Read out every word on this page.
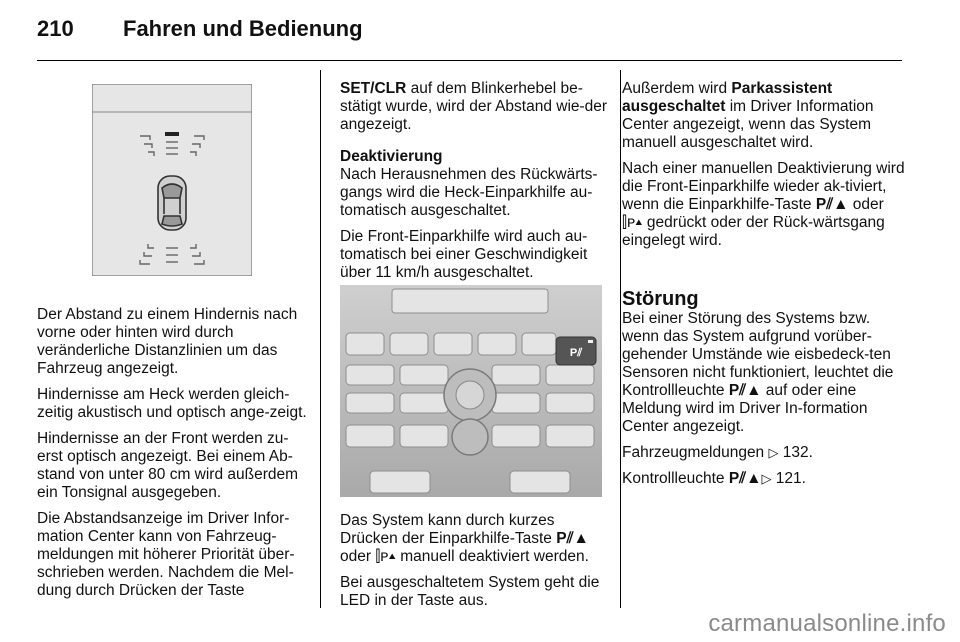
210 Fahren und Bedienung

Der Abstand zu einem Hindernis nach vorne oder hinten wird durch veränderliche Distanzlinien um das Fahrzeug angezeigt.

Hindernisse am Heck werden gleich-zeitig akustisch und optisch ange-zeigt.

Hindernisse an der Front werden zu-erst optisch angezeigt. Bei einem Ab-stand von unter 80 cm wird außerdem ein Tonsignal ausgegeben.

Die Abstandsanzeige im Driver Infor-mation Center kann von Fahrzeug-meldungen mit höherer Priorität über-schrieben werden. Nachdem die Mel-dung durch Drücken der Taste

SET/CLR auf dem Blinkerhebel be-stätigt wurde, wird der Abstand wie-der angezeigt.

Deaktivierung

Nach Herausnehmen des Rückwärts-gangs wird die Heck-Einparkhilfe au-tomatisch ausgeschaltet.

Die Front-Einparkhilfe wird auch au-tomatisch bei einer Geschwindigkeit über 11 km/h ausgeschaltet.

P⫽

Das System kann durch kurzes Drücken der Einparkhilfe-Taste P⫽▲
oder ⫿ᴘ▴ manuell deaktiviert werden.

Bei ausgeschaltetem System geht die LED in der Taste aus.

Außerdem wird Parkassistent ausgeschaltet im Driver Information Center angezeigt, wenn das System manuell ausgeschaltet wird.

Nach einer manuellen Deaktivierung wird die Front-Einparkhilfe wieder ak-tiviert, wenn die Einparkhilfe-Taste P⫽▲ oder ⫿ᴘ▴ gedrückt oder der Rück-wärtsgang eingelegt wird.

Störung

Bei einer Störung des Systems bzw. wenn das System aufgrund vorüber-gehender Umstände wie eisbedeck-ten Sensoren nicht funktioniert, leuchtet die Kontrollleuchte P⫽▲ auf oder eine Meldung wird im Driver In-formation Center angezeigt.

Fahrzeugmeldungen ▷ 132.

Kontrollleuchte P⫽▲▷ 121.

carmanualsonline.info
